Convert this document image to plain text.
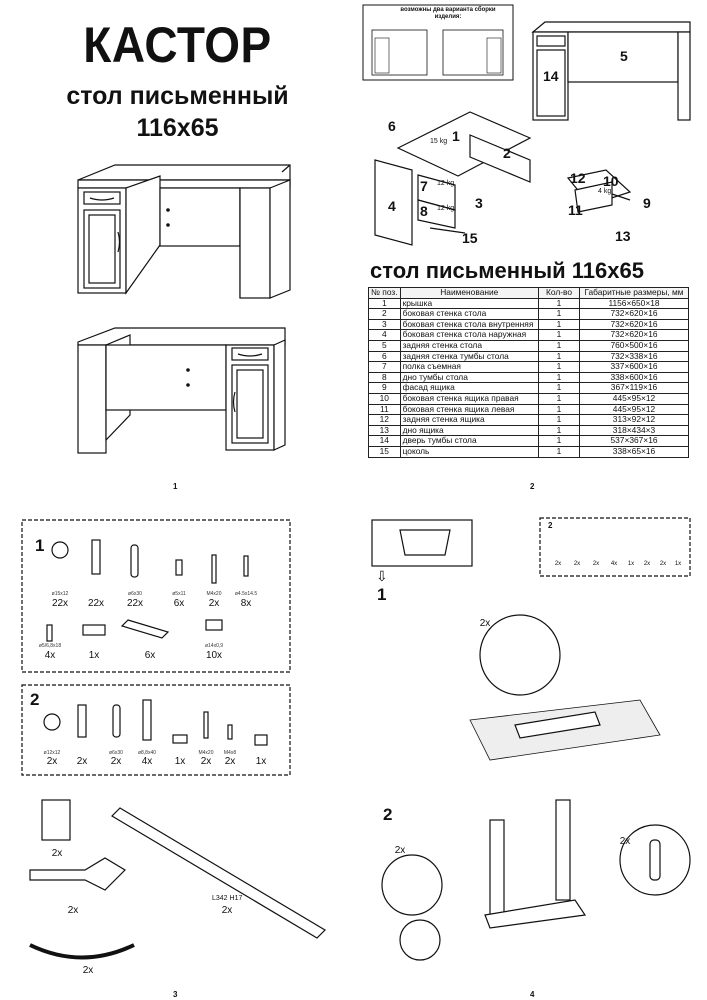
КАСТОР
стол письменный
116x65
1
возможны два варианта сборки изделия:
5
14
6
1
2
7
4 8	3
15
12 10
11	9
13
15 kg
12 kg
12 kg
4 kg
стол письменный 116x65
№ поз.	Наименование	Кол-во	Габаритные размеры, мм
1	крышка	1	1156×650×18
2	боковая стенка стола	1	732×620×16
3	боковая стенка стола внутренняя	1	732×620×16
4	боковая стенка стола наружная	1	732×620×16
5	задняя стенка стола	1	760×500×16
6	задняя стенка тумбы стола	1	732×338×16
7	полка съемная	1	337×600×16
8	дно тумбы стола	1	338×600×16
9	фасад ящика	1	367×119×16
10	боковая стенка ящика правая	1	445×95×12
11	боковая стенка ящика левая	1	445×95×12
12	задняя стенка ящика	1	313×92×12
13	дно ящика	1	318×434×3
14	дверь тумбы стола	1	537×367×16
15	цоколь	1	338×65×16
2
1
ø15x12
22x	22x
ø6x30
22x
ø5x11
6x
M4x20
2x
ø4.5x14.5
8x
ø5/6,8x18
4x	1x	6x
ø14x0,9
10x
2
ø12x12
2x	2x
ø6x30
2x
ø8,8x40
4x	1x
M4x20
2x
M4x8
2x	1x
2x
2x
2x
L342 H17
2x
3
⇩
1
2
2x	2x	2x	4x	1x	2x	2x	1x
2x
2
2x
2x
4
